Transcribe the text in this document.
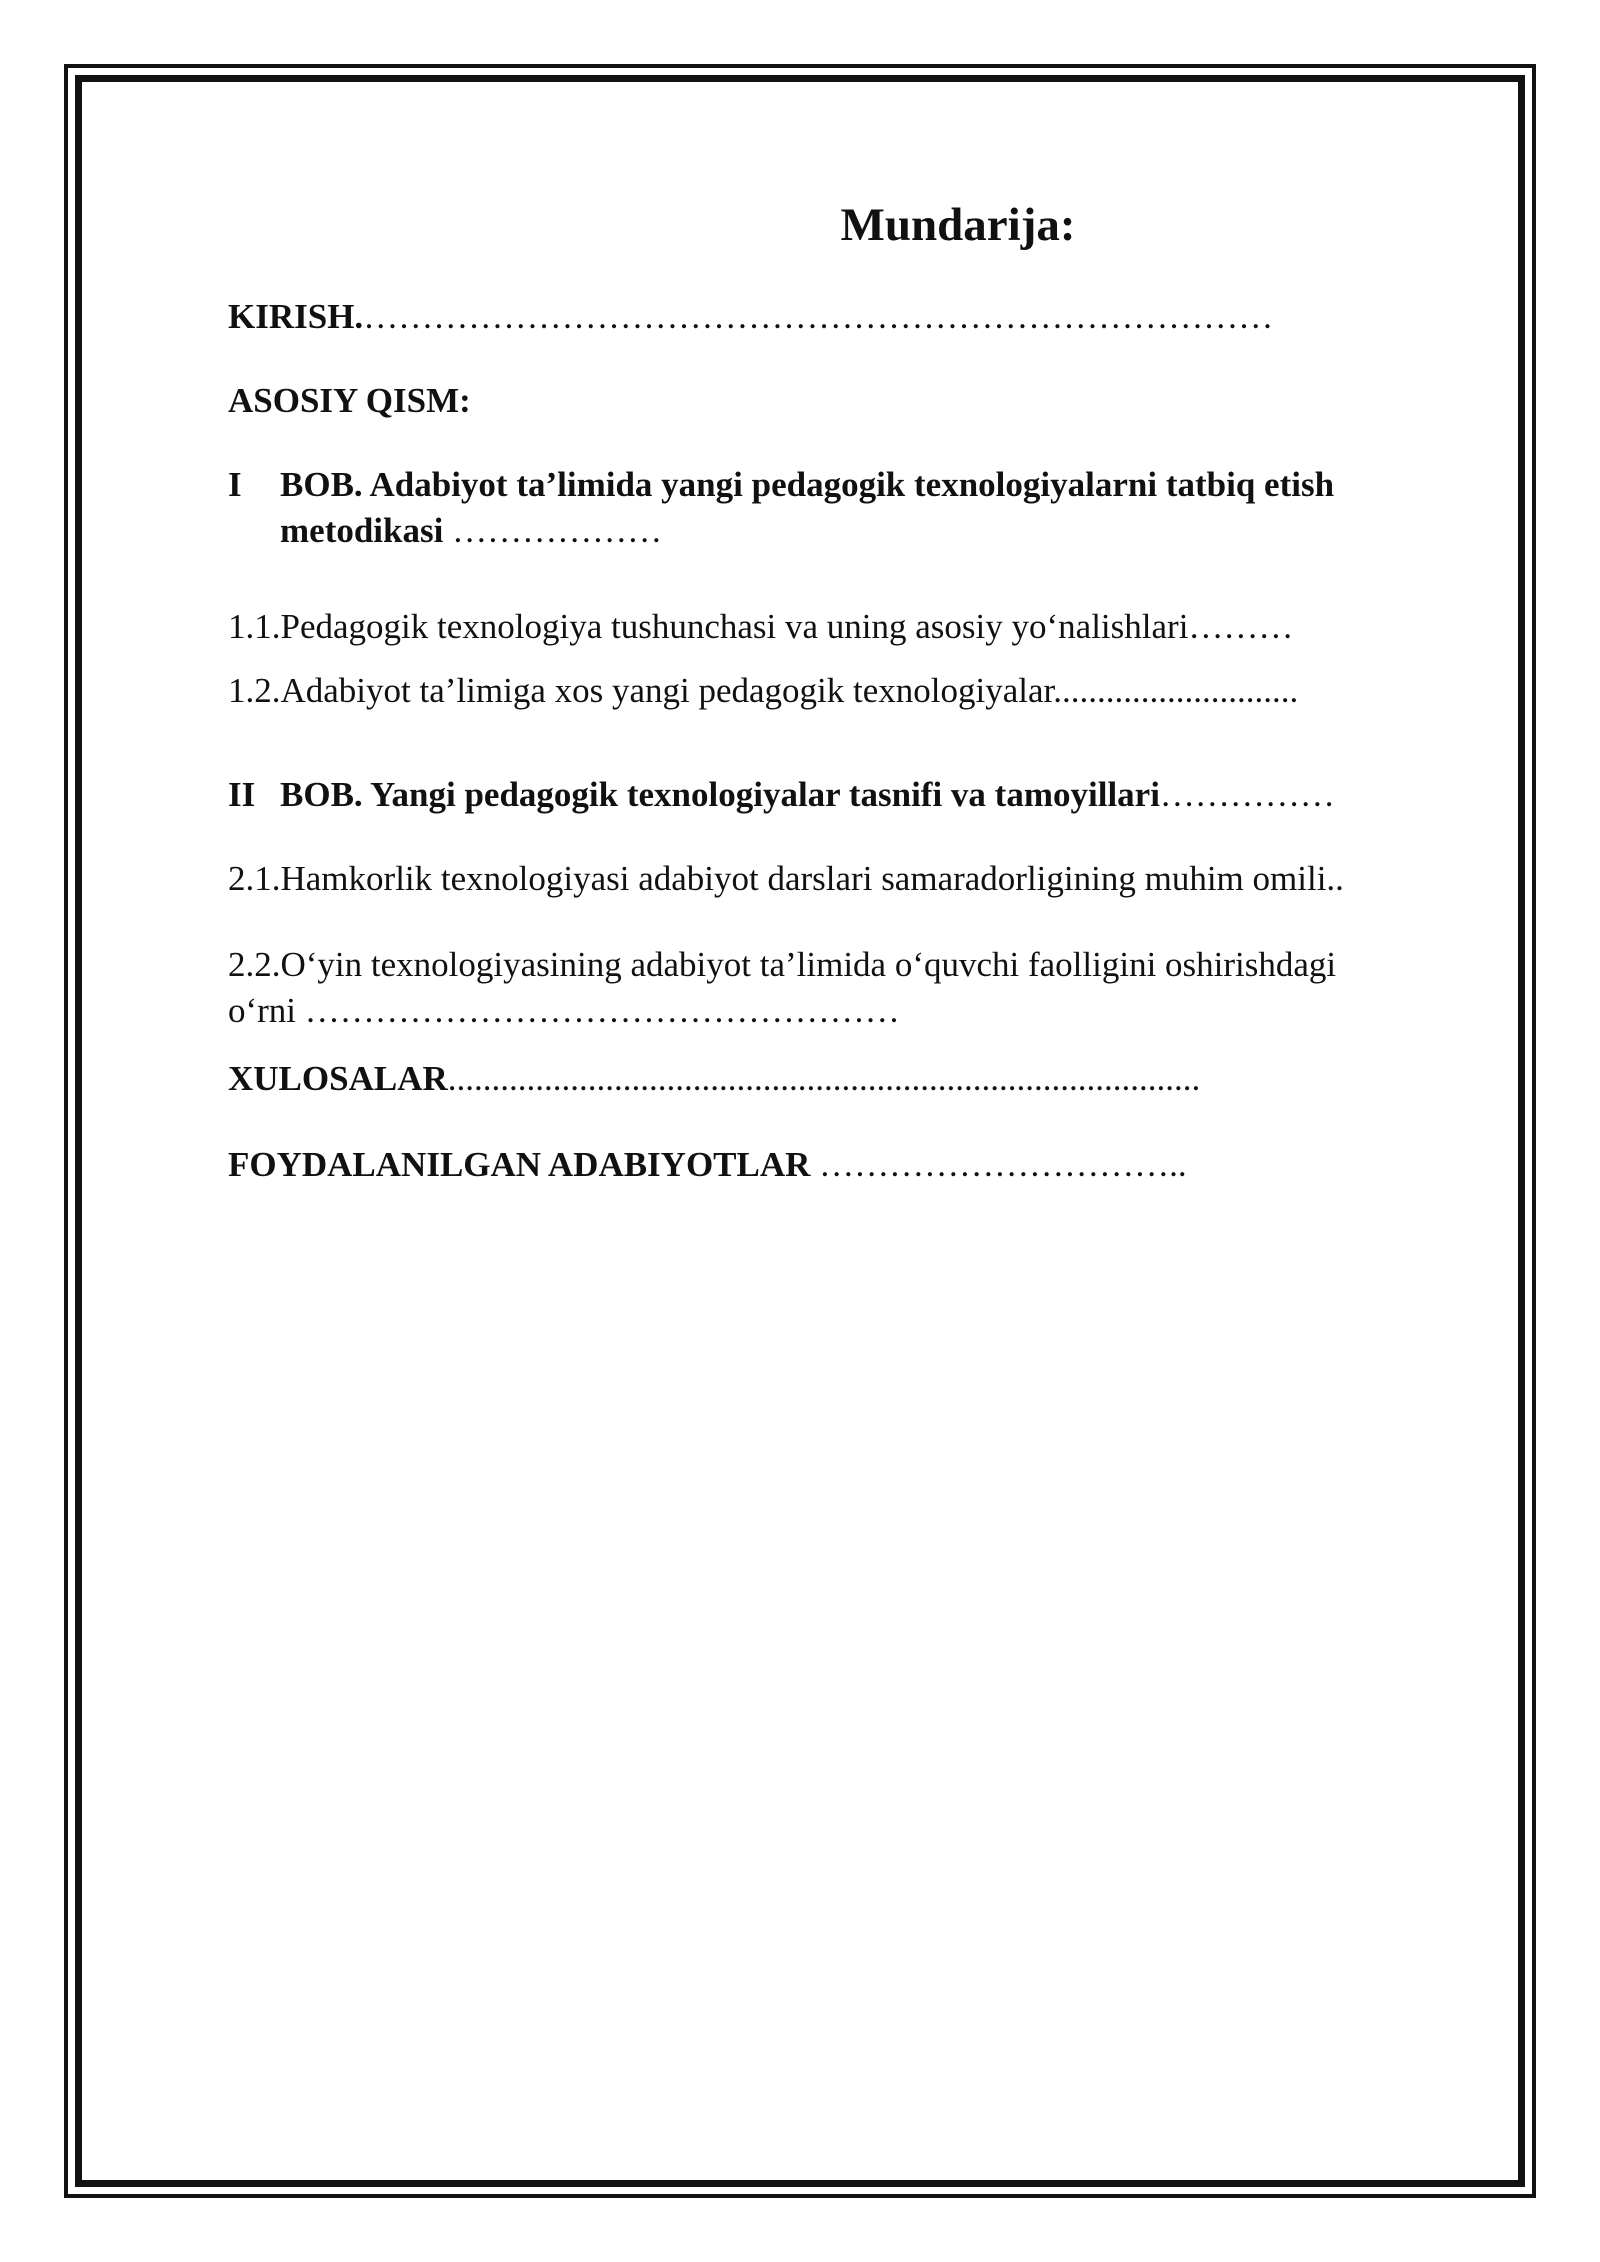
Mundarija:
KIRISH.……………………………………………………………………
ASOSIY QISM:
I BOB. Adabiyot ta’limida yangi pedagogik texnologiyalarni tatbiq etish
metodikasi ………………
1.1.Pedagogik texnologiya tushunchasi va uning asosiy yo‘nalishlari………
1.2.Adabiyot ta’limiga xos yangi pedagogik texnologiyalar............................
II BOB. Yangi pedagogik texnologiyalar tasnifi va tamoyillari……………
2.1.Hamkorlik texnologiyasi adabiyot darslari samaradorligining muhim omili..
2.2.O‘yin texnologiyasining adabiyot ta’limida o‘quvchi faolligini oshirishdagi
o‘rni ……………………………………………
XULOSALAR......................................................................................
FOYDALANILGAN ADABIYOTLAR …………………………..
